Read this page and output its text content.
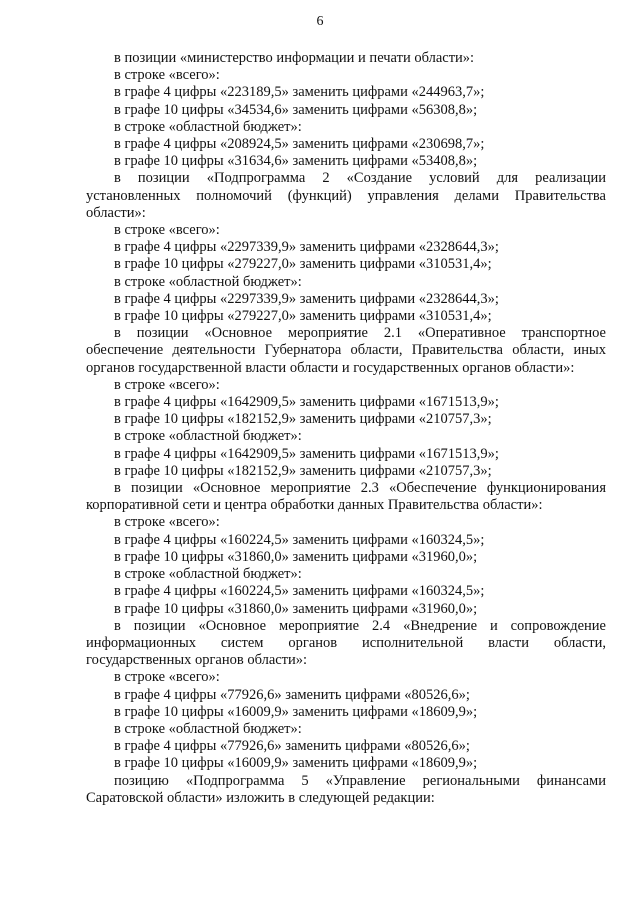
6
в позиции «министерство информации и печати области»:
в строке «всего»:
в графе 4 цифры «223189,5» заменить цифрами «244963,7»;
в графе 10 цифры «34534,6» заменить цифрами «56308,8»;
в строке «областной бюджет»:
в графе 4 цифры «208924,5» заменить цифрами «230698,7»;
в графе 10 цифры «31634,6» заменить цифрами «53408,8»;
в позиции «Подпрограмма 2 «Создание условий для реализации установленных полномочий (функций) управления делами Правительства области»:
в строке «всего»:
в графе 4 цифры «2297339,9» заменить цифрами «2328644,3»;
в графе 10 цифры «279227,0» заменить цифрами «310531,4»;
в строке «областной бюджет»:
в графе 4 цифры «2297339,9» заменить цифрами «2328644,3»;
в графе 10 цифры «279227,0» заменить цифрами «310531,4»;
в позиции «Основное мероприятие 2.1 «Оперативное транспортное обеспечение деятельности Губернатора области, Правительства области, иных органов государственной власти области и государственных органов области»:
в строке «всего»:
в графе 4 цифры «1642909,5» заменить цифрами «1671513,9»;
в графе 10 цифры «182152,9» заменить цифрами «210757,3»;
в строке «областной бюджет»:
в графе 4 цифры «1642909,5» заменить цифрами «1671513,9»;
в графе 10 цифры «182152,9» заменить цифрами «210757,3»;
в позиции «Основное мероприятие 2.3 «Обеспечение функционирования корпоративной сети и центра обработки данных Правительства области»:
в строке «всего»:
в графе 4 цифры «160224,5» заменить цифрами «160324,5»;
в графе 10 цифры «31860,0» заменить цифрами «31960,0»;
в строке «областной бюджет»:
в графе 4 цифры «160224,5» заменить цифрами «160324,5»;
в графе 10 цифры «31860,0» заменить цифрами «31960,0»;
в позиции «Основное мероприятие 2.4 «Внедрение и сопровождение информационных систем органов исполнительной власти области, государственных органов области»:
в строке «всего»:
в графе 4 цифры «77926,6» заменить цифрами «80526,6»;
в графе 10 цифры «16009,9» заменить цифрами «18609,9»;
в строке «областной бюджет»:
в графе 4 цифры «77926,6» заменить цифрами «80526,6»;
в графе 10 цифры «16009,9» заменить цифрами «18609,9»;
позицию «Подпрограмма 5 «Управление региональными финансами Саратовской области» изложить в следующей редакции:
